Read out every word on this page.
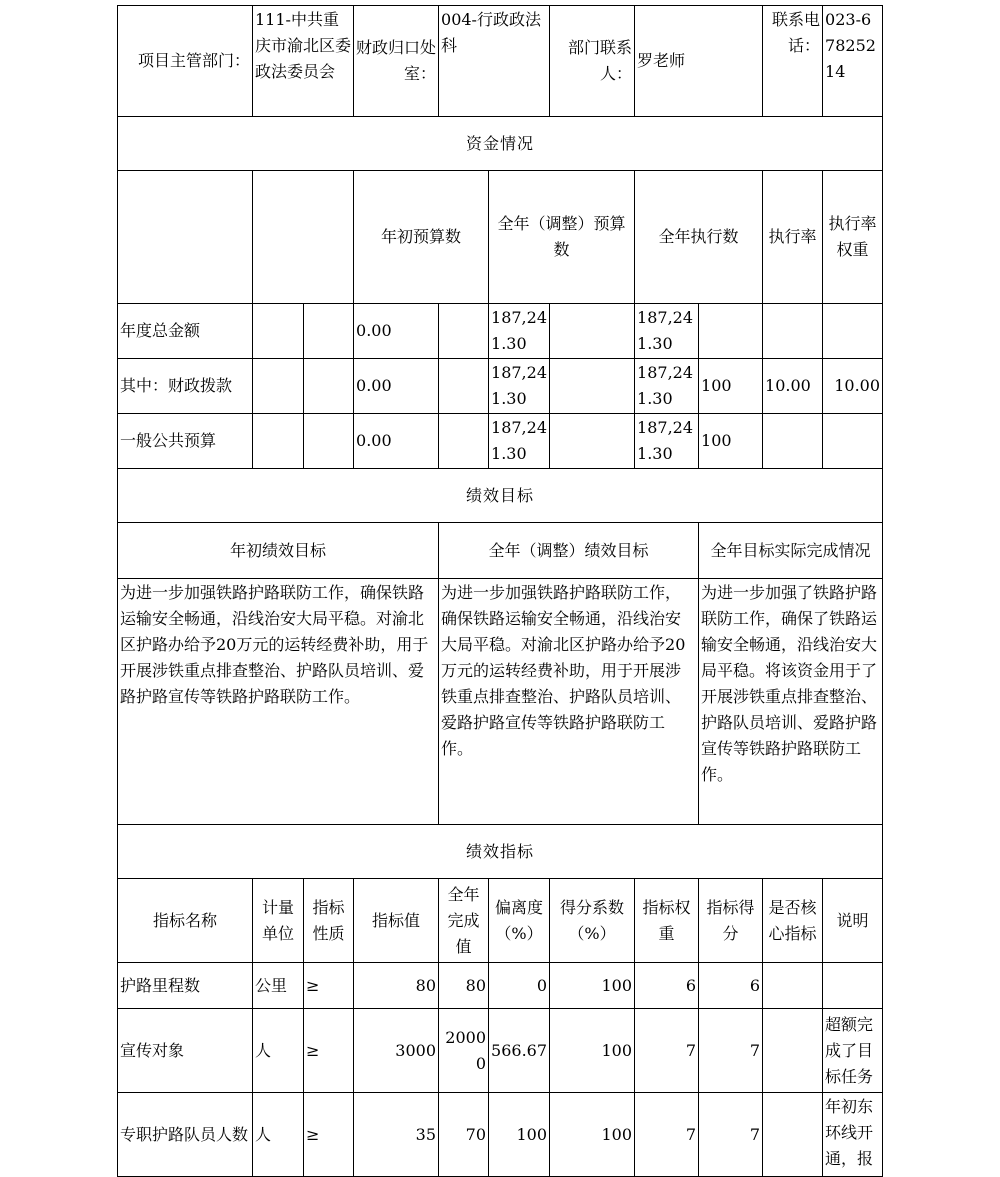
项目主管部门：	111-中共重庆市渝北区委政法委员会		财政归口处室：	004-行政政法科		部门联系人：	罗老师		联系电话：	023-67825214	
资金情况											
			年初预算数		全年（调整）预算数		全年执行数		执行率	执行率权重	
年度总金额			0.00		187,241.30		187,241.30				
其中：财政拨款			0.00		187,241.30		187,241.30	100	10.00	10.00	
一般公共预算			0.00		187,241.30		187,241.30	100			
绩效目标											
年初绩效目标				全年（调整）绩效目标				全年目标实际完成情况			
为进一步加强铁路护路联防工作，确保铁路运输安全畅通，沿线治安大局平稳。对渝北区护路办给予20万元的运转经费补助，用于开展涉铁重点排查整治、护路队员培训、爱路护路宣传等铁路护路联防工作。				为进一步加强铁路护路联防工作，确保铁路运输安全畅通，沿线治安大局平稳。对渝北区护路办给予20万元的运转经费补助，用于开展涉铁重点排查整治、护路队员培训、爱路护路宣传等铁路护路联防工作。				为进一步加强了铁路护路联防工作，确保了铁路运输安全畅通，沿线治安大局平稳。将该资金用于了开展涉铁重点排查整治、护路队员培训、爱路护路宣传等铁路护路联防工作。			
绩效指标											
指标名称	计量单位	指标性质	指标值	全年完成值	偏离度（%）	得分系数（%）	指标权重	指标得分	是否核心指标	说明	
护路里程数	公里	≥	80	80	0	100	6	6			
宣传对象	人	≥	3000	20000	566.67	100	7	7		超额完成了目标任务	
专职护路队员人数	人	≥	35	70	100	100	7	7		年初东环线开通，报	
